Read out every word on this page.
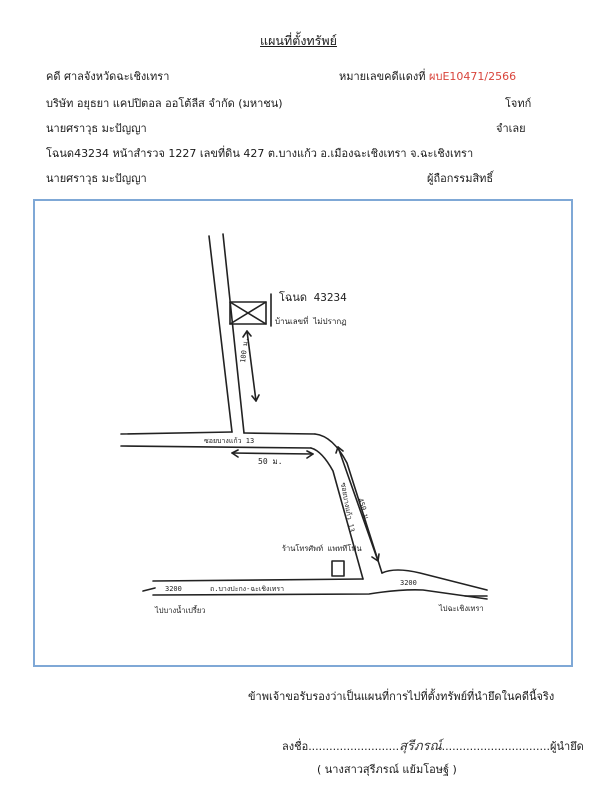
แผนที่ตั้งทรัพย์
คดี ศาลจังหวัดฉะเชิงเทรา	หมายเลขคดีแดงที่ ผบE10471/2566
บริษัท อยุธยา แคปปิตอล ออโต้ลีส จำกัด (มหาชน)	โจทก์
นายศราวุธ มะปัญญา	จำเลย
โฉนด43234 หน้าสำรวจ 1227 เลขที่ดิน 427 ต.บางแก้ว อ.เมืองฉะเชิงเทรา จ.ฉะเชิงเทรา
นายศราวุธ มะปัญญา	ผู้ถือกรรมสิทธิ์
โฉนด 43234
บ้านเลขที่ ไม่ปรากฏ
100 ม.
ซอยบางแก้ว 13
50 ม.
450 ม.
ซอยบางแก้ว 13
ร้านโทรศัพท์ แพททีโฟน
ถ.บางปะกง-ฉะเชิงเทรา
3200
3200
ไปบางน้ำเปรี้ยว	ไปฉะเชิงเทรา
ข้าพเจ้าขอรับรองว่าเป็นแผนที่การไปที่ตั้งทรัพย์ที่นำยึดในคดีนี้จริง
ลงชื่อ..........................สุรีภรณ์...............................ผู้นำยึด
( นางสาวสุรีภรณ์ แย้มโอษฐ์ )
